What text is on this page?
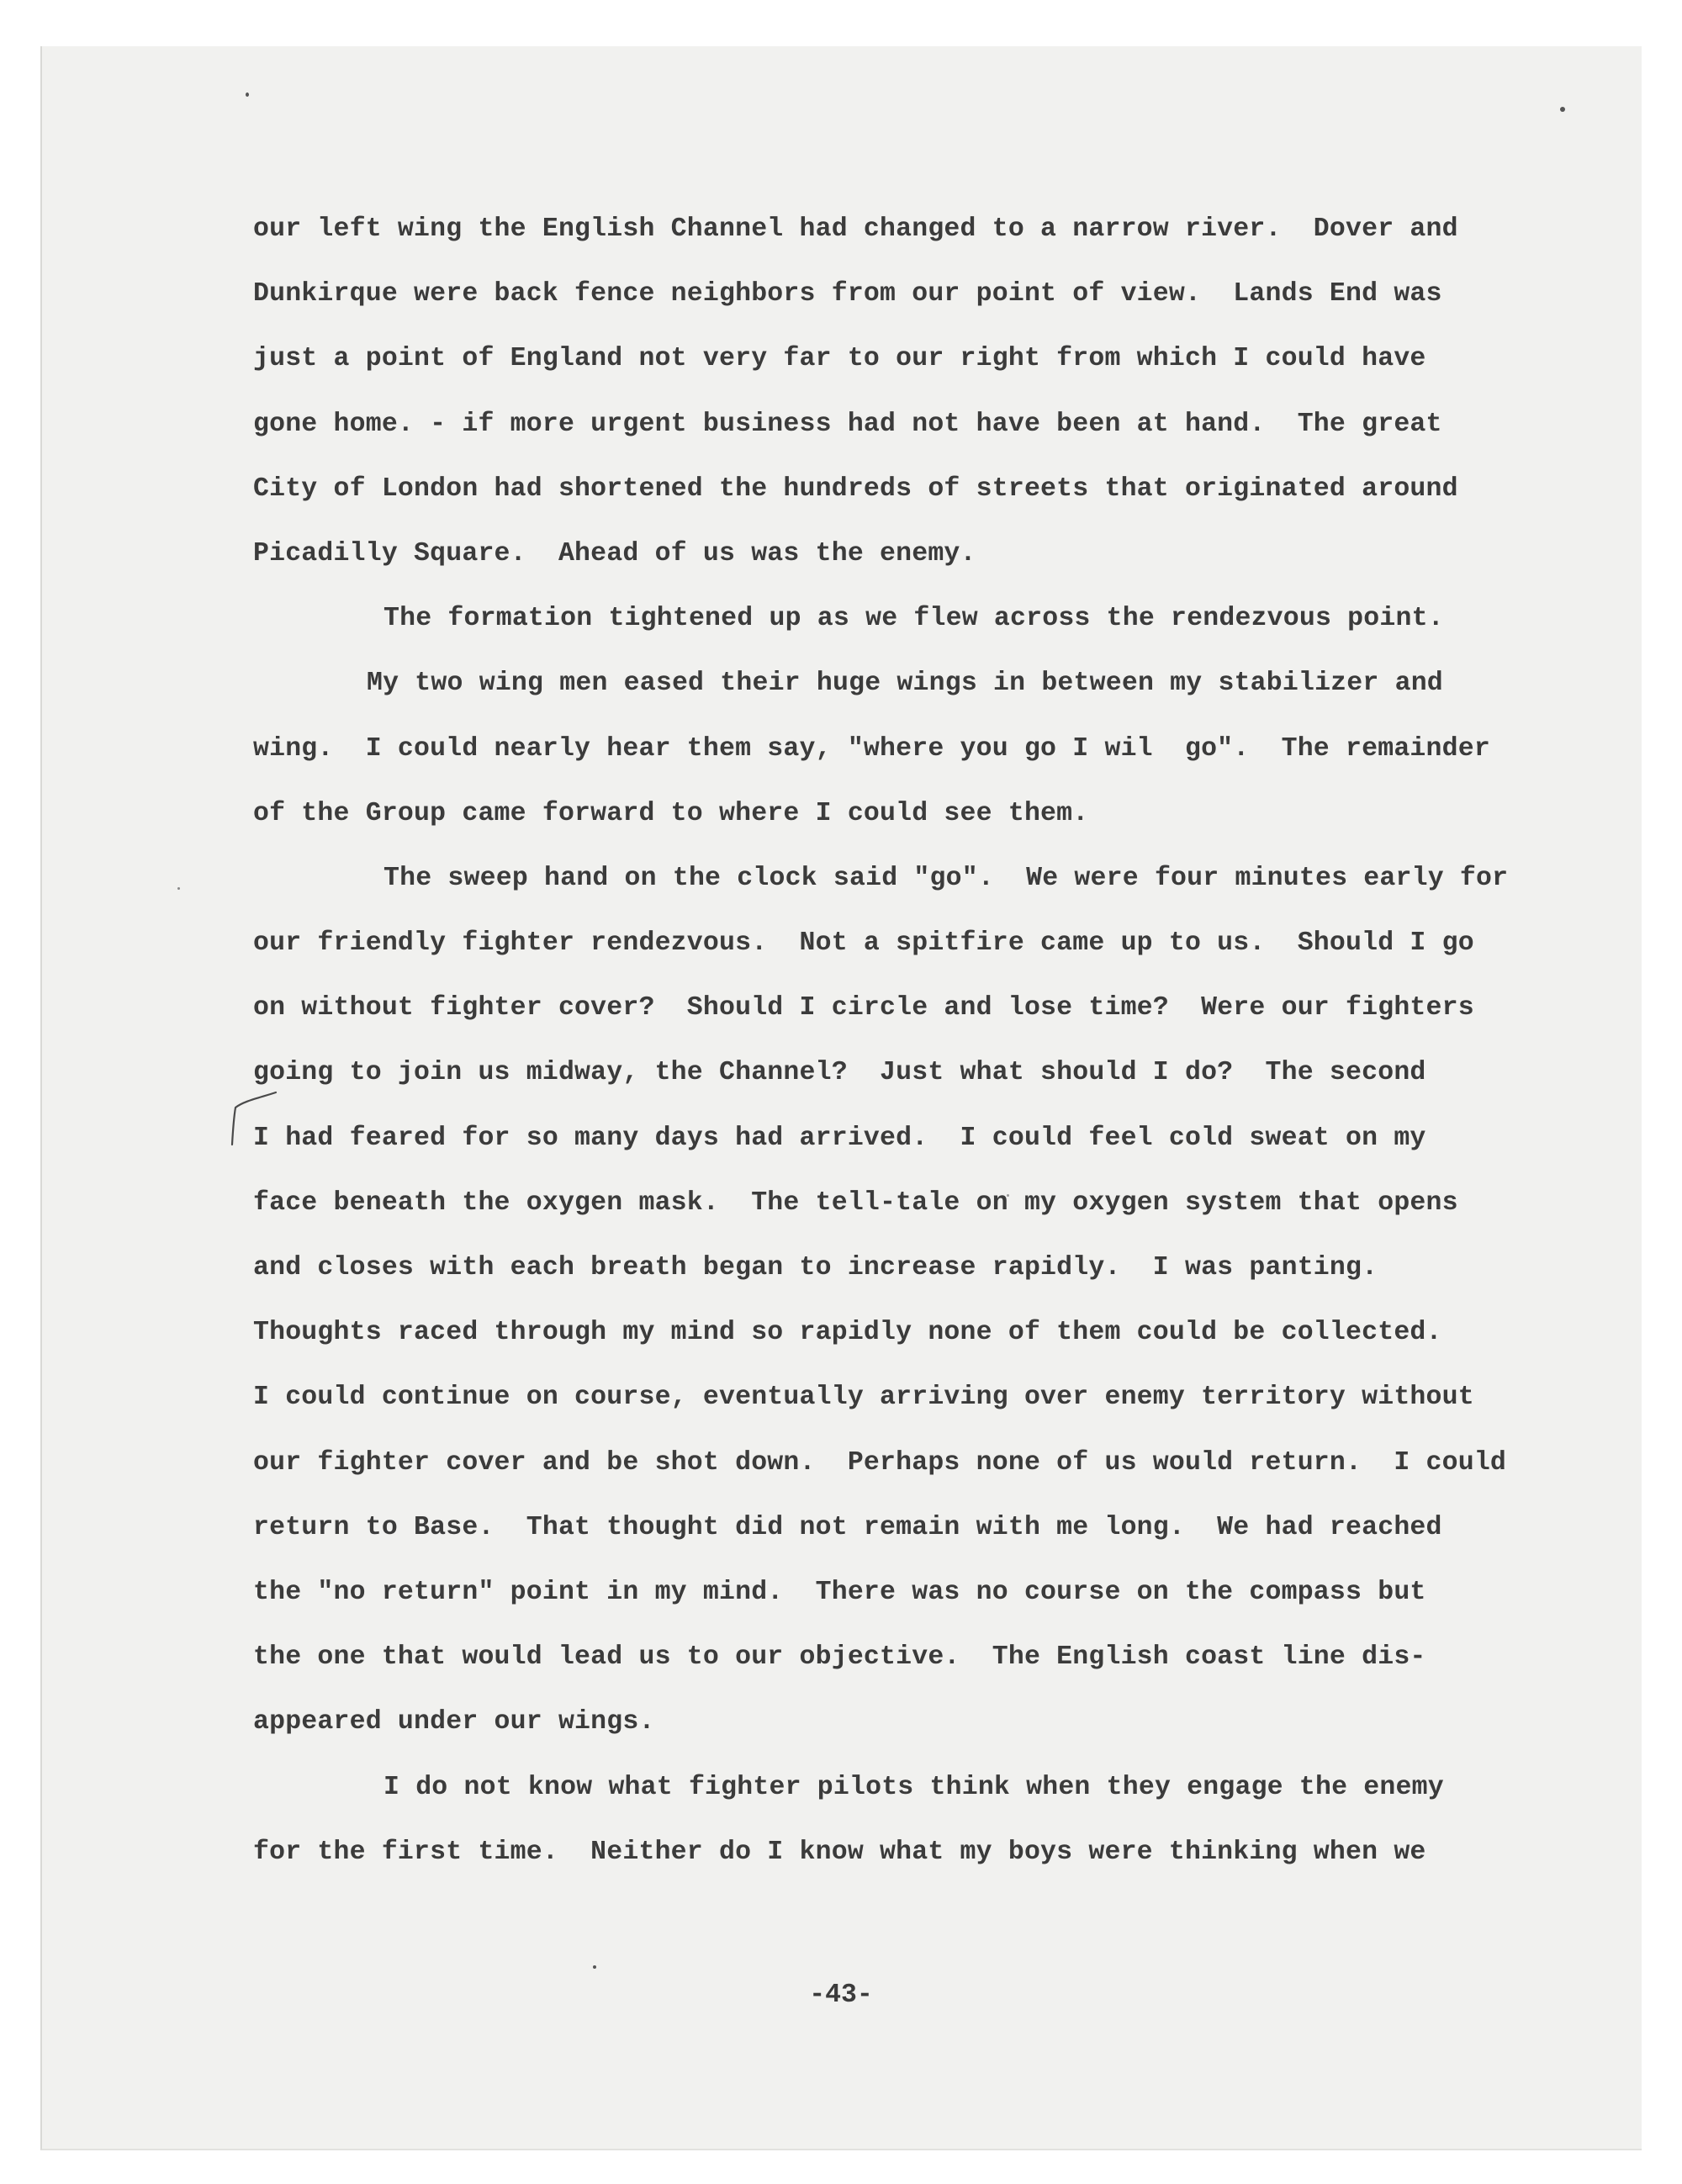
our left wing the English Channel had changed to a narrow river.  Dover and
Dunkirque were back fence neighbors from our point of view.  Lands End was
just a point of England not very far to our right from which I could have
gone home. - if more urgent business had not have been at hand.  The great
City of London had shortened the hundreds of streets that originated around
Picadilly Square.  Ahead of us was the enemy.
The formation tightened up as we flew across the rendezvous point.
My two wing men eased their huge wings in between my stabilizer and
wing.  I could nearly hear them say, "where you go I wil  go".  The remainder
of the Group came forward to where I could see them.
The sweep hand on the clock said "go".  We were four minutes early for
our friendly fighter rendezvous.  Not a spitfire came up to us.  Should I go
on without fighter cover?  Should I circle and lose time?  Were our fighters
going to join us midway, the Channel?  Just what should I do?  The second
I had feared for so many days had arrived.  I could feel cold sweat on my
face beneath the oxygen mask.  The tell-tale on my oxygen system that opens
and closes with each breath began to increase rapidly.  I was panting.
Thoughts raced through my mind so rapidly none of them could be collected.
I could continue on course, eventually arriving over enemy territory without
our fighter cover and be shot down.  Perhaps none of us would return.  I could
return to Base.  That thought did not remain with me long.  We had reached
the "no return" point in my mind.  There was no course on the compass but
the one that would lead us to our objective.  The English coast line dis-
appeared under our wings.
I do not know what fighter pilots think when they engage the enemy
for the first time.  Neither do I know what my boys were thinking when we
-43-
